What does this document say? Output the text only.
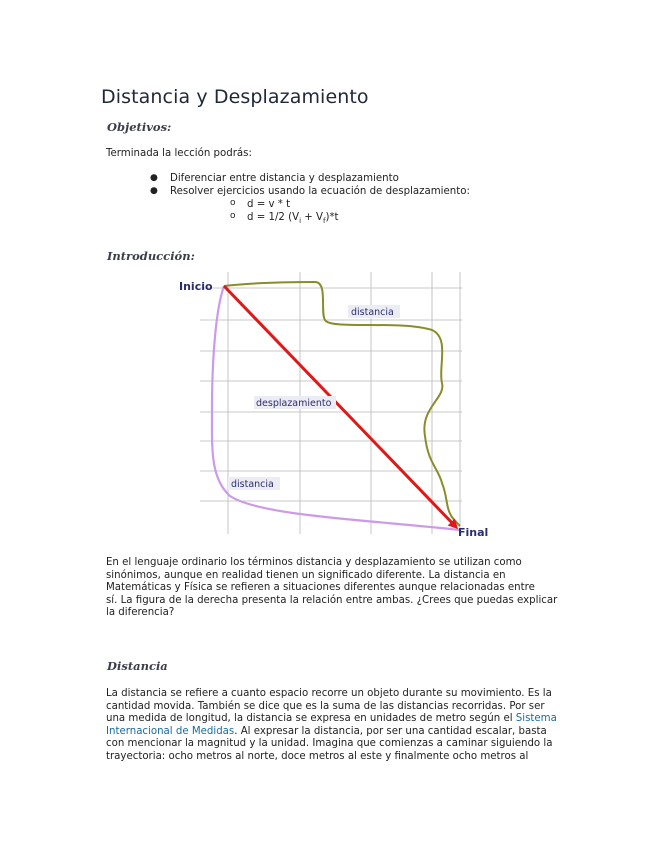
Distancia y Desplazamiento
Objetivos:
Terminada la lección podrás:
● Diferenciar entre distancia y desplazamiento
● Resolver ejercicios usando la ecuación de desplazamiento:
o d = v * t
o d = 1/2 $(V_i + V_f)*t$
Introducción:
Inicio
Final
distancia
desplazamiento
distancia
En el lenguaje ordinario los términos distancia y desplazamiento se utilizan como
sinónimos, aunque en realidad tienen un significado diferente. La distancia en
Matemáticas y Física se refieren a situaciones diferentes aunque relacionadas entre
sí. La figura de la derecha presenta la relación entre ambas. ¿Crees que puedas explicar
la diferencia?
Distancia
La distancia se refiere a cuanto espacio recorre un objeto durante su movimiento. Es la
cantidad movida. También se dice que es la suma de las distancias recorridas. Por ser
una medida de longitud, la distancia se expresa en unidades de metro según el Sistema
Internacional de Medidas. Al expresar la distancia, por ser una cantidad escalar, basta
con mencionar la magnitud y la unidad. Imagina que comienzas a caminar siguiendo la
trayectoria: ocho metros al norte, doce metros al este y finalmente ocho metros al
